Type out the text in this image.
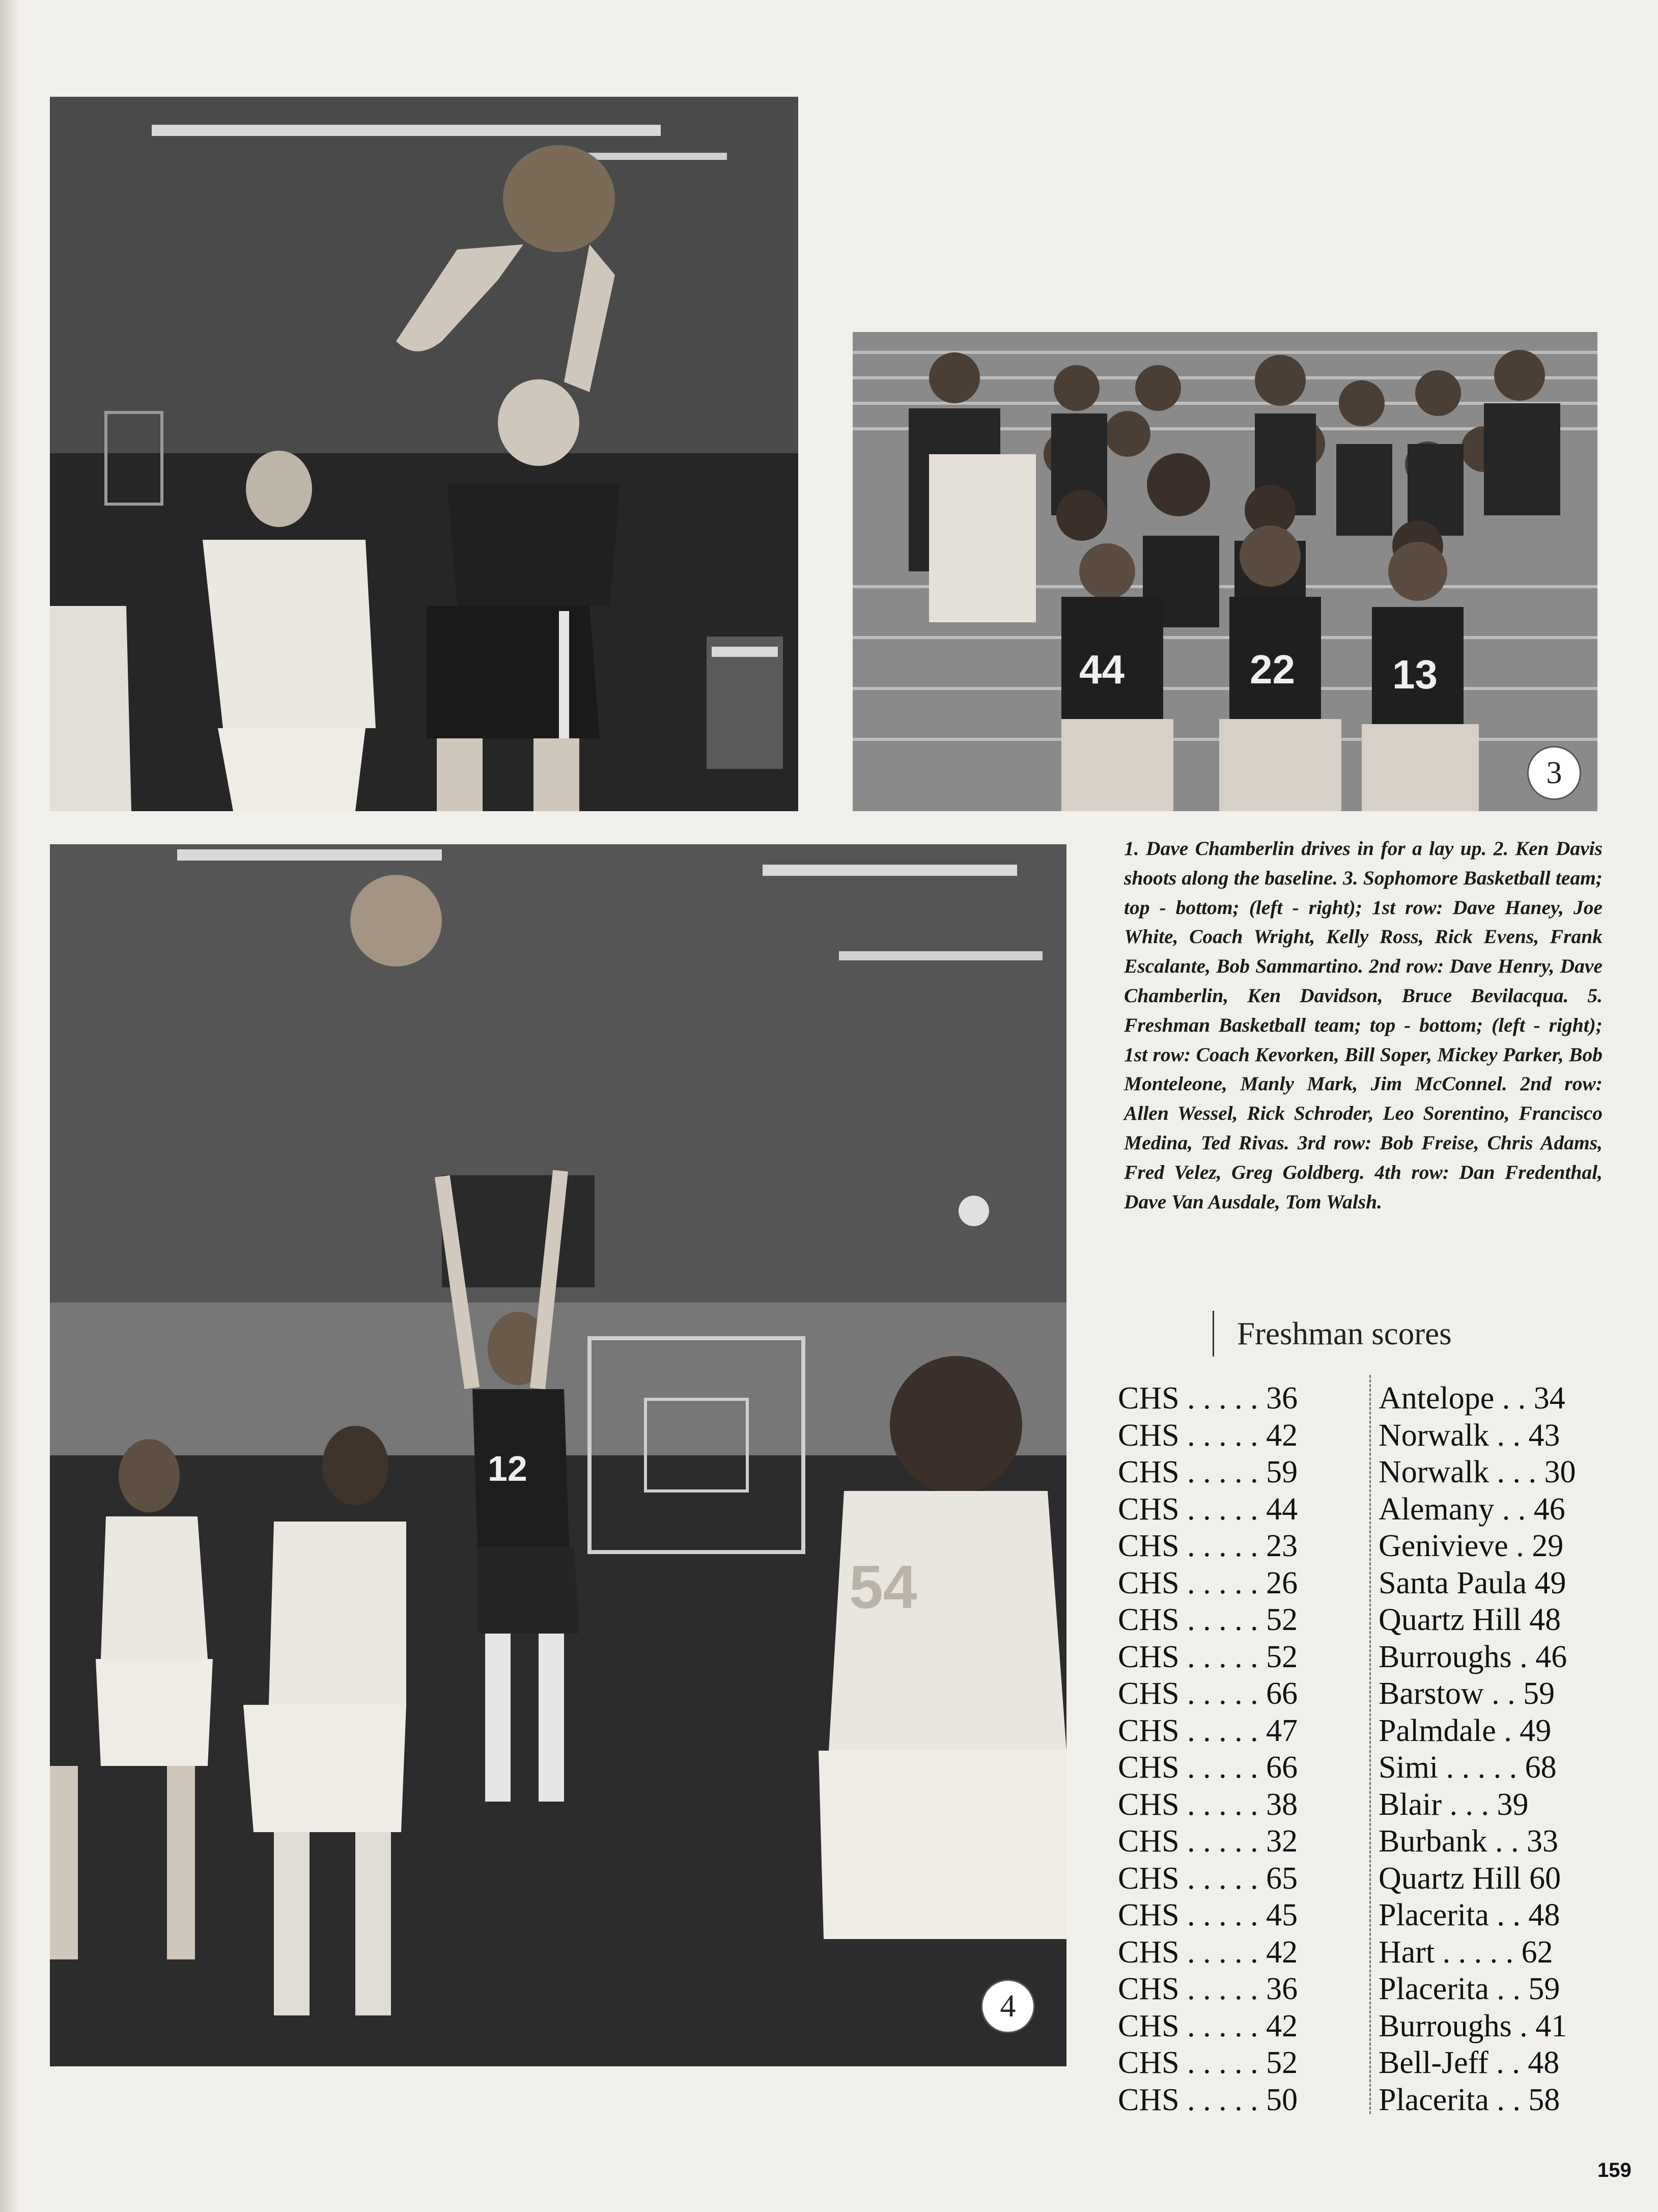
44	22 13
3
12
54
4

1. Dave Chamberlin drives in for a lay up. 2. Ken Davis shoots along the baseline. 3. Sophomore Basketball team; top - bottom; (left - right); 1st row: Dave Haney, Joe White, Coach Wright, Kelly Ross, Rick Evens, Frank Escalante, Bob Sammartino. 2nd row: Dave Henry, Dave Chamberlin, Ken Davidson, Bruce Bevilacqua. 5. Freshman Basketball team; top - bottom; (left - right); 1st row: Coach Kevorken, Bill Soper, Mickey Parker, Bob Monteleone, Manly Mark, Jim McConnel. 2nd row: Allen Wessel, Rick Schroder, Leo Sorentino, Francisco Medina, Ted Rivas. 3rd row: Bob Freise, Chris Adams, Fred Velez, Greg Goldberg. 4th row: Dan Fredenthal, Dave Van Ausdale, Tom Walsh.

Freshman scores
CHS . . . . . 36	Antelope . . 34
CHS . . . . . 42	Norwalk . . 43
CHS . . . . . 59	Norwalk . . . 30
CHS . . . . . 44	Alemany . . 46
CHS . . . . . 23	Genivieve . 29
CHS . . . . . 26	Santa Paula 49
CHS . . . . . 52	Quartz Hill 48
CHS . . . . . 52	Burroughs . 46
CHS . . . . . 66	Barstow . . 59
CHS . . . . . 47	Palmdale . 49
CHS . . . . . 66	Simi . . . . . 68
CHS . . . . . 38	Blair . . . 39
CHS . . . . . 32	Burbank . . 33
CHS . . . . . 65	Quartz Hill 60
CHS . . . . . 45	Placerita . . 48
CHS . . . . . 42	Hart . . . . . 62
CHS . . . . . 36	Placerita . . 59
CHS . . . . . 42	Burroughs . 41
CHS . . . . . 52	Bell-Jeff . . 48
CHS . . . . . 50	Placerita . . 58
159
